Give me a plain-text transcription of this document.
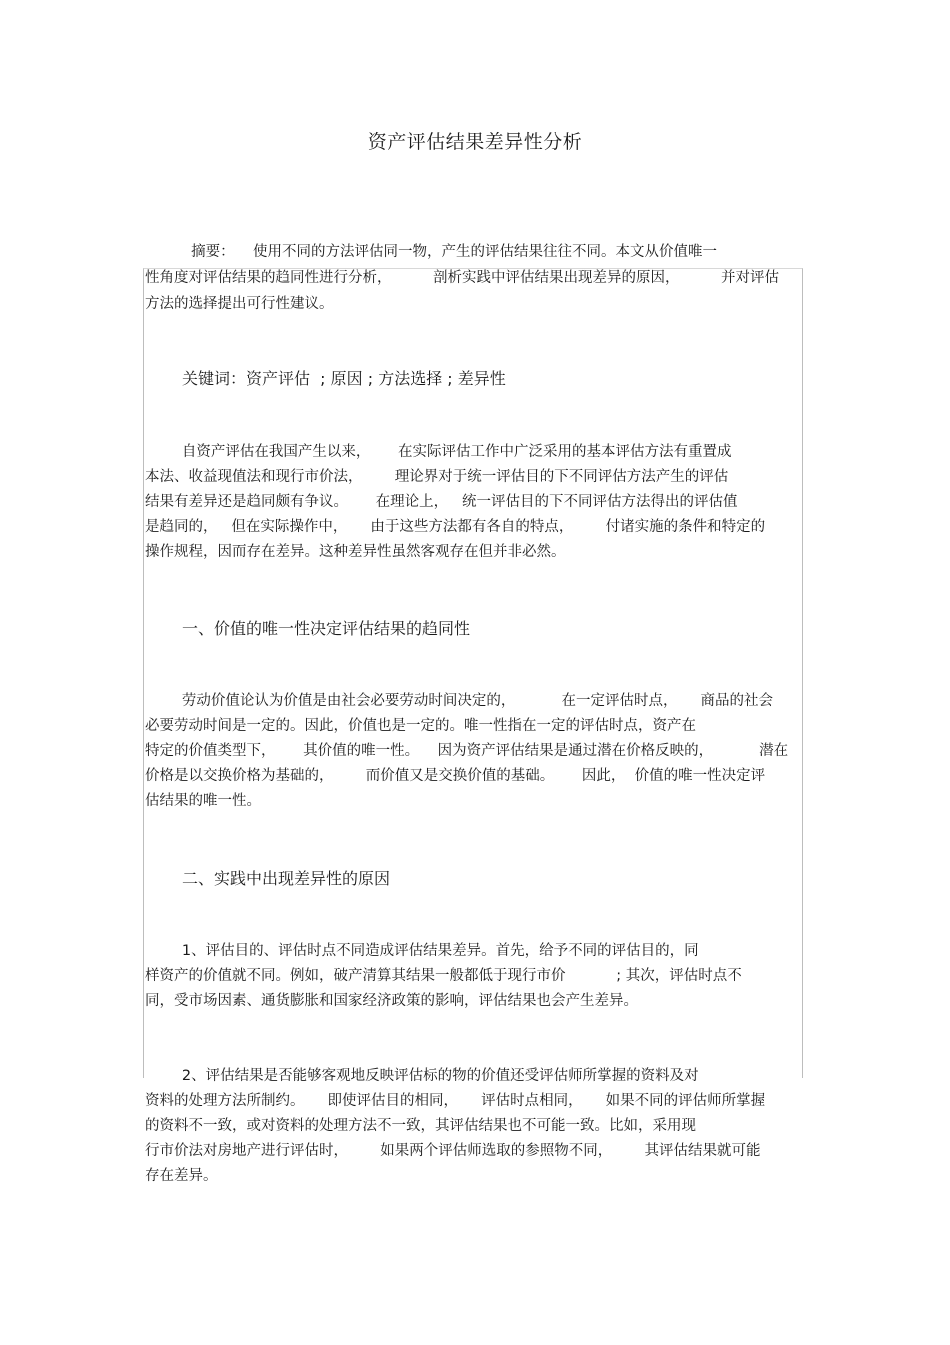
资产评估结果差异性分析
摘要：    使用不同的方法评估同一物，产生的评估结果往往不同。本文从价值唯一
性角度对评估结果的趋同性进行分析，         剖析实践中评估结果出现差异的原因，         并对评估
方法的选择提出可行性建议。
关键词：资产评估  ; 原因 ; 方法选择 ; 差异性
自资产评估在我国产生以来，      在实际评估工作中广泛采用的基本评估方法有重置成
本法、收益现值法和现行市价法，       理论界对于统一评估目的下不同评估方法产生的评估
结果有差异还是趋同颇有争议。      在理论上，   统一评估目的下不同评估方法得出的评估值
是趋同的，   但在实际操作中，     由于这些方法都有各自的特点，       付诸实施的条件和特定的
操作规程，因而存在差异。这种差异性虽然客观存在但并非必然。
一、价值的唯一性决定评估结果的趋同性
劳动价值论认为价值是由社会必要劳动时间决定的，          在一定评估时点，     商品的社会
必要劳动时间是一定的。因此，价值也是一定的。唯一性指在一定的评估时点，资产在
特定的价值类型下，      其价值的唯一性。    因为资产评估结果是通过潜在价格反映的，          潜在
价格是以交换价格为基础的，       而价值又是交换价值的基础。      因此，  价值的唯一性决定评
估结果的唯一性。
二、实践中出现差异性的原因
1、评估目的、评估时点不同造成评估结果差异。首先，给予不同的评估目的，同
样资产的价值就不同。例如，破产清算其结果一般都低于现行市价           ; 其次，评估时点不
同，受市场因素、通货膨胀和国家经济政策的影响，评估结果也会产生差异。
2、评估结果是否能够客观地反映评估标的物的价值还受评估师所掌握的资料及对
资料的处理方法所制约。     即使评估目的相同，     评估时点相同，     如果不同的评估师所掌握
的资料不一致，或对资料的处理方法不一致，其评估结果也不可能一致。比如，采用现
行市价法对房地产进行评估时，       如果两个评估师选取的参照物不同，       其评估结果就可能
存在差异。
